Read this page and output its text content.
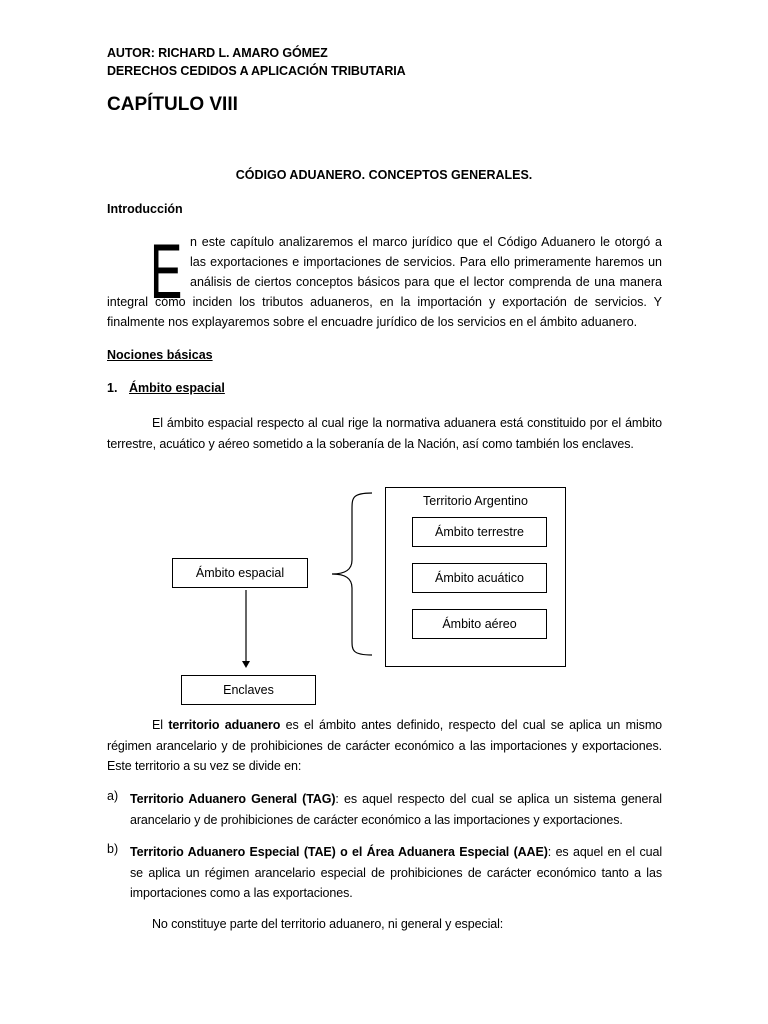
AUTOR: RICHARD L. AMARO GÓMEZ
DERECHOS CEDIDOS A APLICACIÓN TRIBUTARIA
CAPÍTULO VIII
CÓDIGO ADUANERO. CONCEPTOS GENERALES.
Introducción
E n este capítulo analizaremos el marco jurídico que el Código Aduanero le otorgó a
las exportaciones e importaciones de servicios. Para ello primeramente haremos un
análisis de ciertos conceptos básicos para que el lector comprenda de una manera
integral cómo inciden los tributos aduaneros, en la importación y exportación de servicios. Y
finalmente nos explayaremos sobre el encuadre jurídico de los servicios en el ámbito aduanero.
Nociones básicas
1. Ámbito espacial
El ámbito espacial respecto al cual rige la normativa aduanera está constituido por el ámbito terrestre, acuático y aéreo sometido a la soberanía de la Nación, así como también los enclaves.
Ámbito espacial
Territorio Argentino
Ámbito terrestre
Ámbito acuático
Ámbito aéreo
Enclaves
El territorio aduanero es el ámbito antes definido, respecto del cual se aplica un mismo régimen arancelario y de prohibiciones de carácter económico a las importaciones y exportaciones. Este territorio a su vez se divide en:
a) Territorio Aduanero General (TAG): es aquel respecto del cual se aplica un sistema general arancelario y de prohibiciones de carácter económico a las importaciones y exportaciones.
b) Territorio Aduanero Especial (TAE) o el Área Aduanera Especial (AAE): es aquel en el cual se aplica un régimen arancelario especial de prohibiciones de carácter económico tanto a las importaciones como a las exportaciones.
No constituye parte del territorio aduanero, ni general y especial:
